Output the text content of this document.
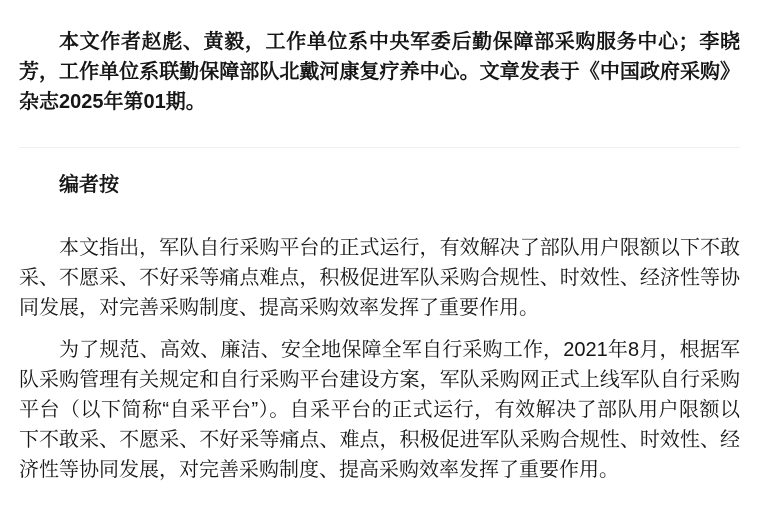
本文作者赵彪、黄毅，工作单位系中央军委后勤保障部采购服务中心；李晓芳，工作单位系联勤保障部队北戴河康复疗养中心。文章发表于《中国政府采购》杂志2025年第01期。

编者按

本文指出，军队自行采购平台的正式运行，有效解决了部队用户限额以下不敢采、不愿采、不好采等痛点难点，积极促进军队采购合规性、时效性、经济性等协同发展，对完善采购制度、提高采购效率发挥了重要作用。

为了规范、高效、廉洁、安全地保障全军自行采购工作，2021年8月，根据军队采购管理有关规定和自行采购平台建设方案，军队采购网正式上线军队自行采购平台（以下简称“自采平台”）。自采平台的正式运行，有效解决了部队用户限额以下不敢采、不愿采、不好采等痛点、难点，积极促进军队采购合规性、时效性、经济性等协同发展，对完善采购制度、提高采购效率发挥了重要作用。
